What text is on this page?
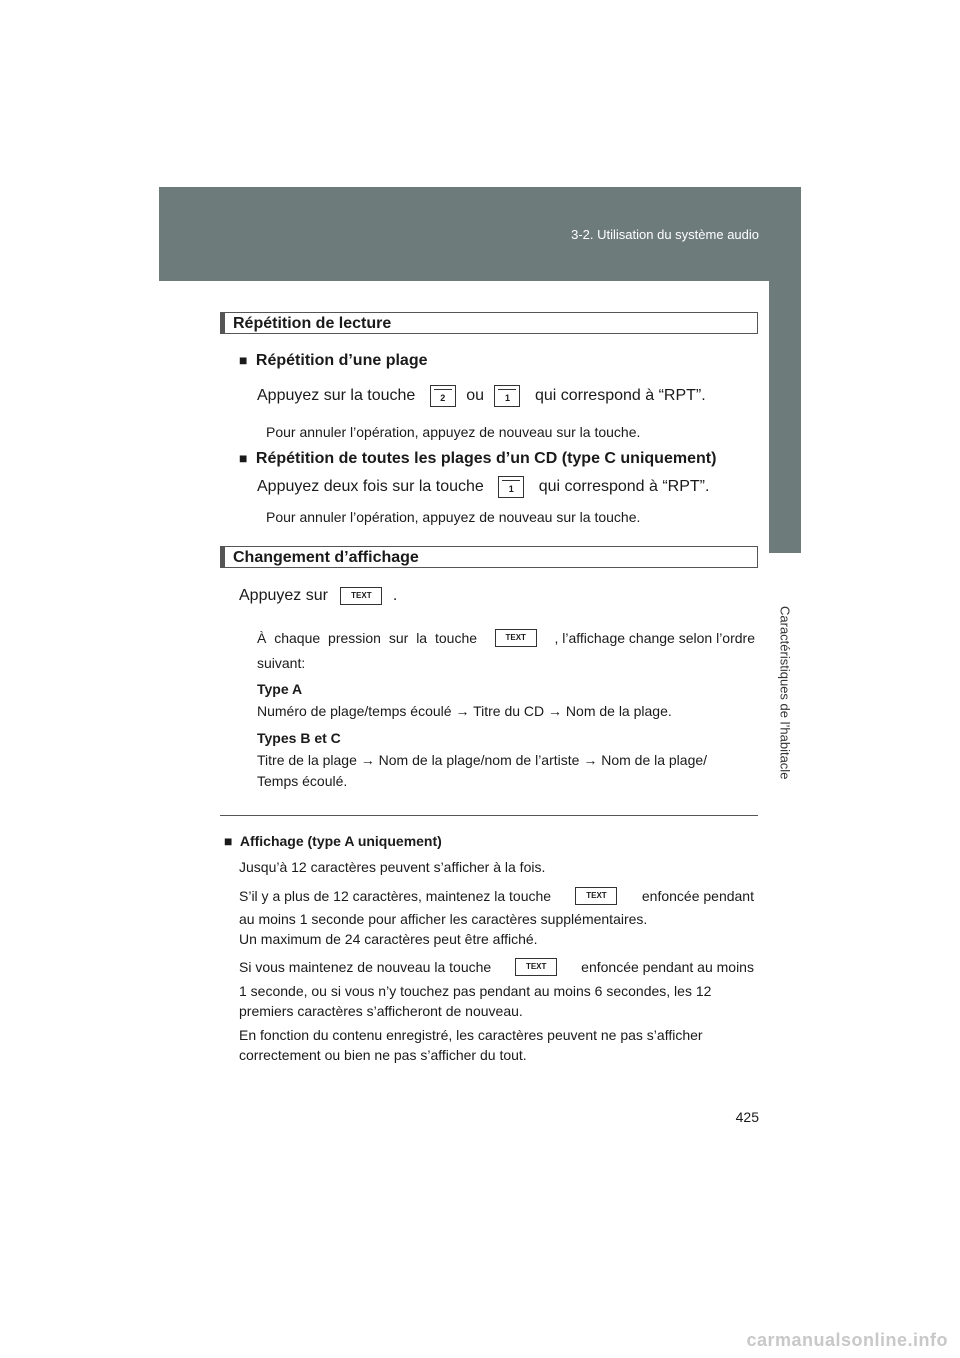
3-2. Utilisation du système audio
Caractéristiques de l’habitacle
3
Répétition de lecture
■ Répétition d’une plage
Appuyez sur la touche	2 ou 1 qui correspond à “RPT”.
Pour annuler l’opération, appuyez de nouveau sur la touche.
■ Répétition de toutes les plages d’un CD (type C uniquement)
Appuyez deux fois sur la touche	1 qui correspond à “RPT”.
Pour annuler l’opération, appuyez de nouveau sur la touche.
Changement d’affichage
Appuyez sur	TEXT .
À chaque pression sur la touche	TEXT	, l’affichage change selon l’ordre
suivant:
Type A
Numéro de plage/temps écoulé → Titre du CD → Nom de la plage.
Types B et C
Titre de la plage → Nom de la plage/nom de l’artiste → Nom de la plage/
Temps écoulé.
■ Affichage (type A uniquement)
Jusqu’à 12 caractères peuvent s’afficher à la fois.
S’il y a plus de 12 caractères, maintenez la touche	TEXT	enfoncée pendant
au moins 1 seconde pour afficher les caractères supplémentaires.
Un maximum de 24 caractères peut être affiché.
Si vous maintenez de nouveau la touche	TEXT	enfoncée pendant au moins
1 seconde, ou si vous n’y touchez pas pendant au moins 6 secondes, les 12
premiers caractères s’afficheront de nouveau.
En fonction du contenu enregistré, les caractères peuvent ne pas s’afficher
correctement ou bien ne pas s’afficher du tout.
425
carmanualsonline.info
